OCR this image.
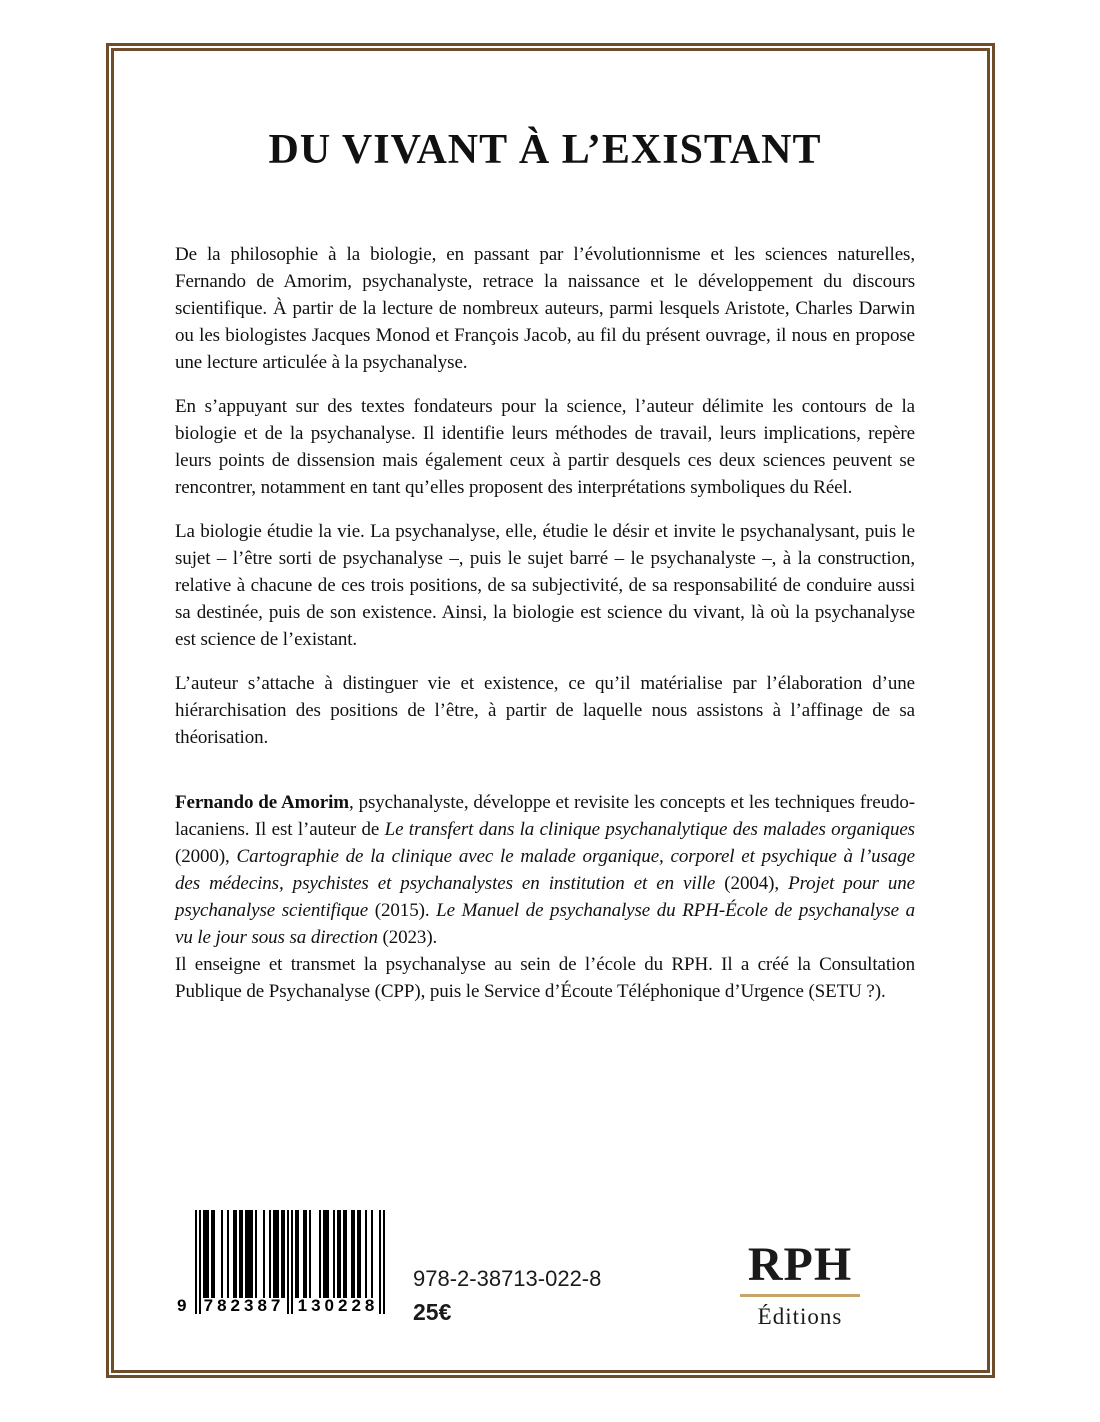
DU VIVANT À L’EXISTANT

De la philosophie à la biologie, en passant par l’évolutionnisme et les sciences naturelles, Fernando de Amorim, psychanalyste, retrace la naissance et le développement du discours scientifique. À partir de la lecture de nombreux auteurs, parmi lesquels Aristote, Charles Darwin ou les biologistes Jacques Monod et François Jacob, au fil du présent ouvrage, il nous en propose une lecture articulée à la psychanalyse.

En s’appuyant sur des textes fondateurs pour la science, l’auteur délimite les contours de la biologie et de la psychanalyse. Il identifie leurs méthodes de travail, leurs implications, repère leurs points de dissension mais également ceux à partir desquels ces deux sciences peuvent se rencontrer, notamment en tant qu’elles proposent des interprétations symboliques du Réel.

La biologie étudie la vie. La psychanalyse, elle, étudie le désir et invite le psychanalysant, puis le sujet – l’être sorti de psychanalyse –, puis le sujet barré – le psychanalyste –, à la construction, relative à chacune de ces trois positions, de sa subjectivité, de sa responsabilité de conduire aussi sa destinée, puis de son existence. Ainsi, la biologie est science du vivant, là où la psychanalyse est science de l’existant.

L’auteur s’attache à distinguer vie et existence, ce qu’il matérialise par l’élaboration d’une hiérarchisation des positions de l’être, à partir de laquelle nous assistons à l’affinage de sa théorisation.

Fernando de Amorim, psychanalyste, développe et revisite les concepts et les techniques freudo-lacaniens. Il est l’auteur de Le transfert dans la clinique psychanalytique des malades organiques (2000), Cartographie de la clinique avec le malade organique, corporel et psychique à l’usage des médecins, psychistes et psychanalystes en institution et en ville (2004), Projet pour une psychanalyse scientifique (2015). Le Manuel de psychanalyse du RPH-École de psychanalyse a vu le jour sous sa direction (2023).

Il enseigne et transmet la psychanalyse au sein de l’école du RPH. Il a créé la Consultation Publique de Psychanalyse (CPP), puis le Service d’Écoute Téléphonique d’Urgence (SETU ?).

9 782387 130228
978-2-38713-022-8
25€
RPH
Éditions
